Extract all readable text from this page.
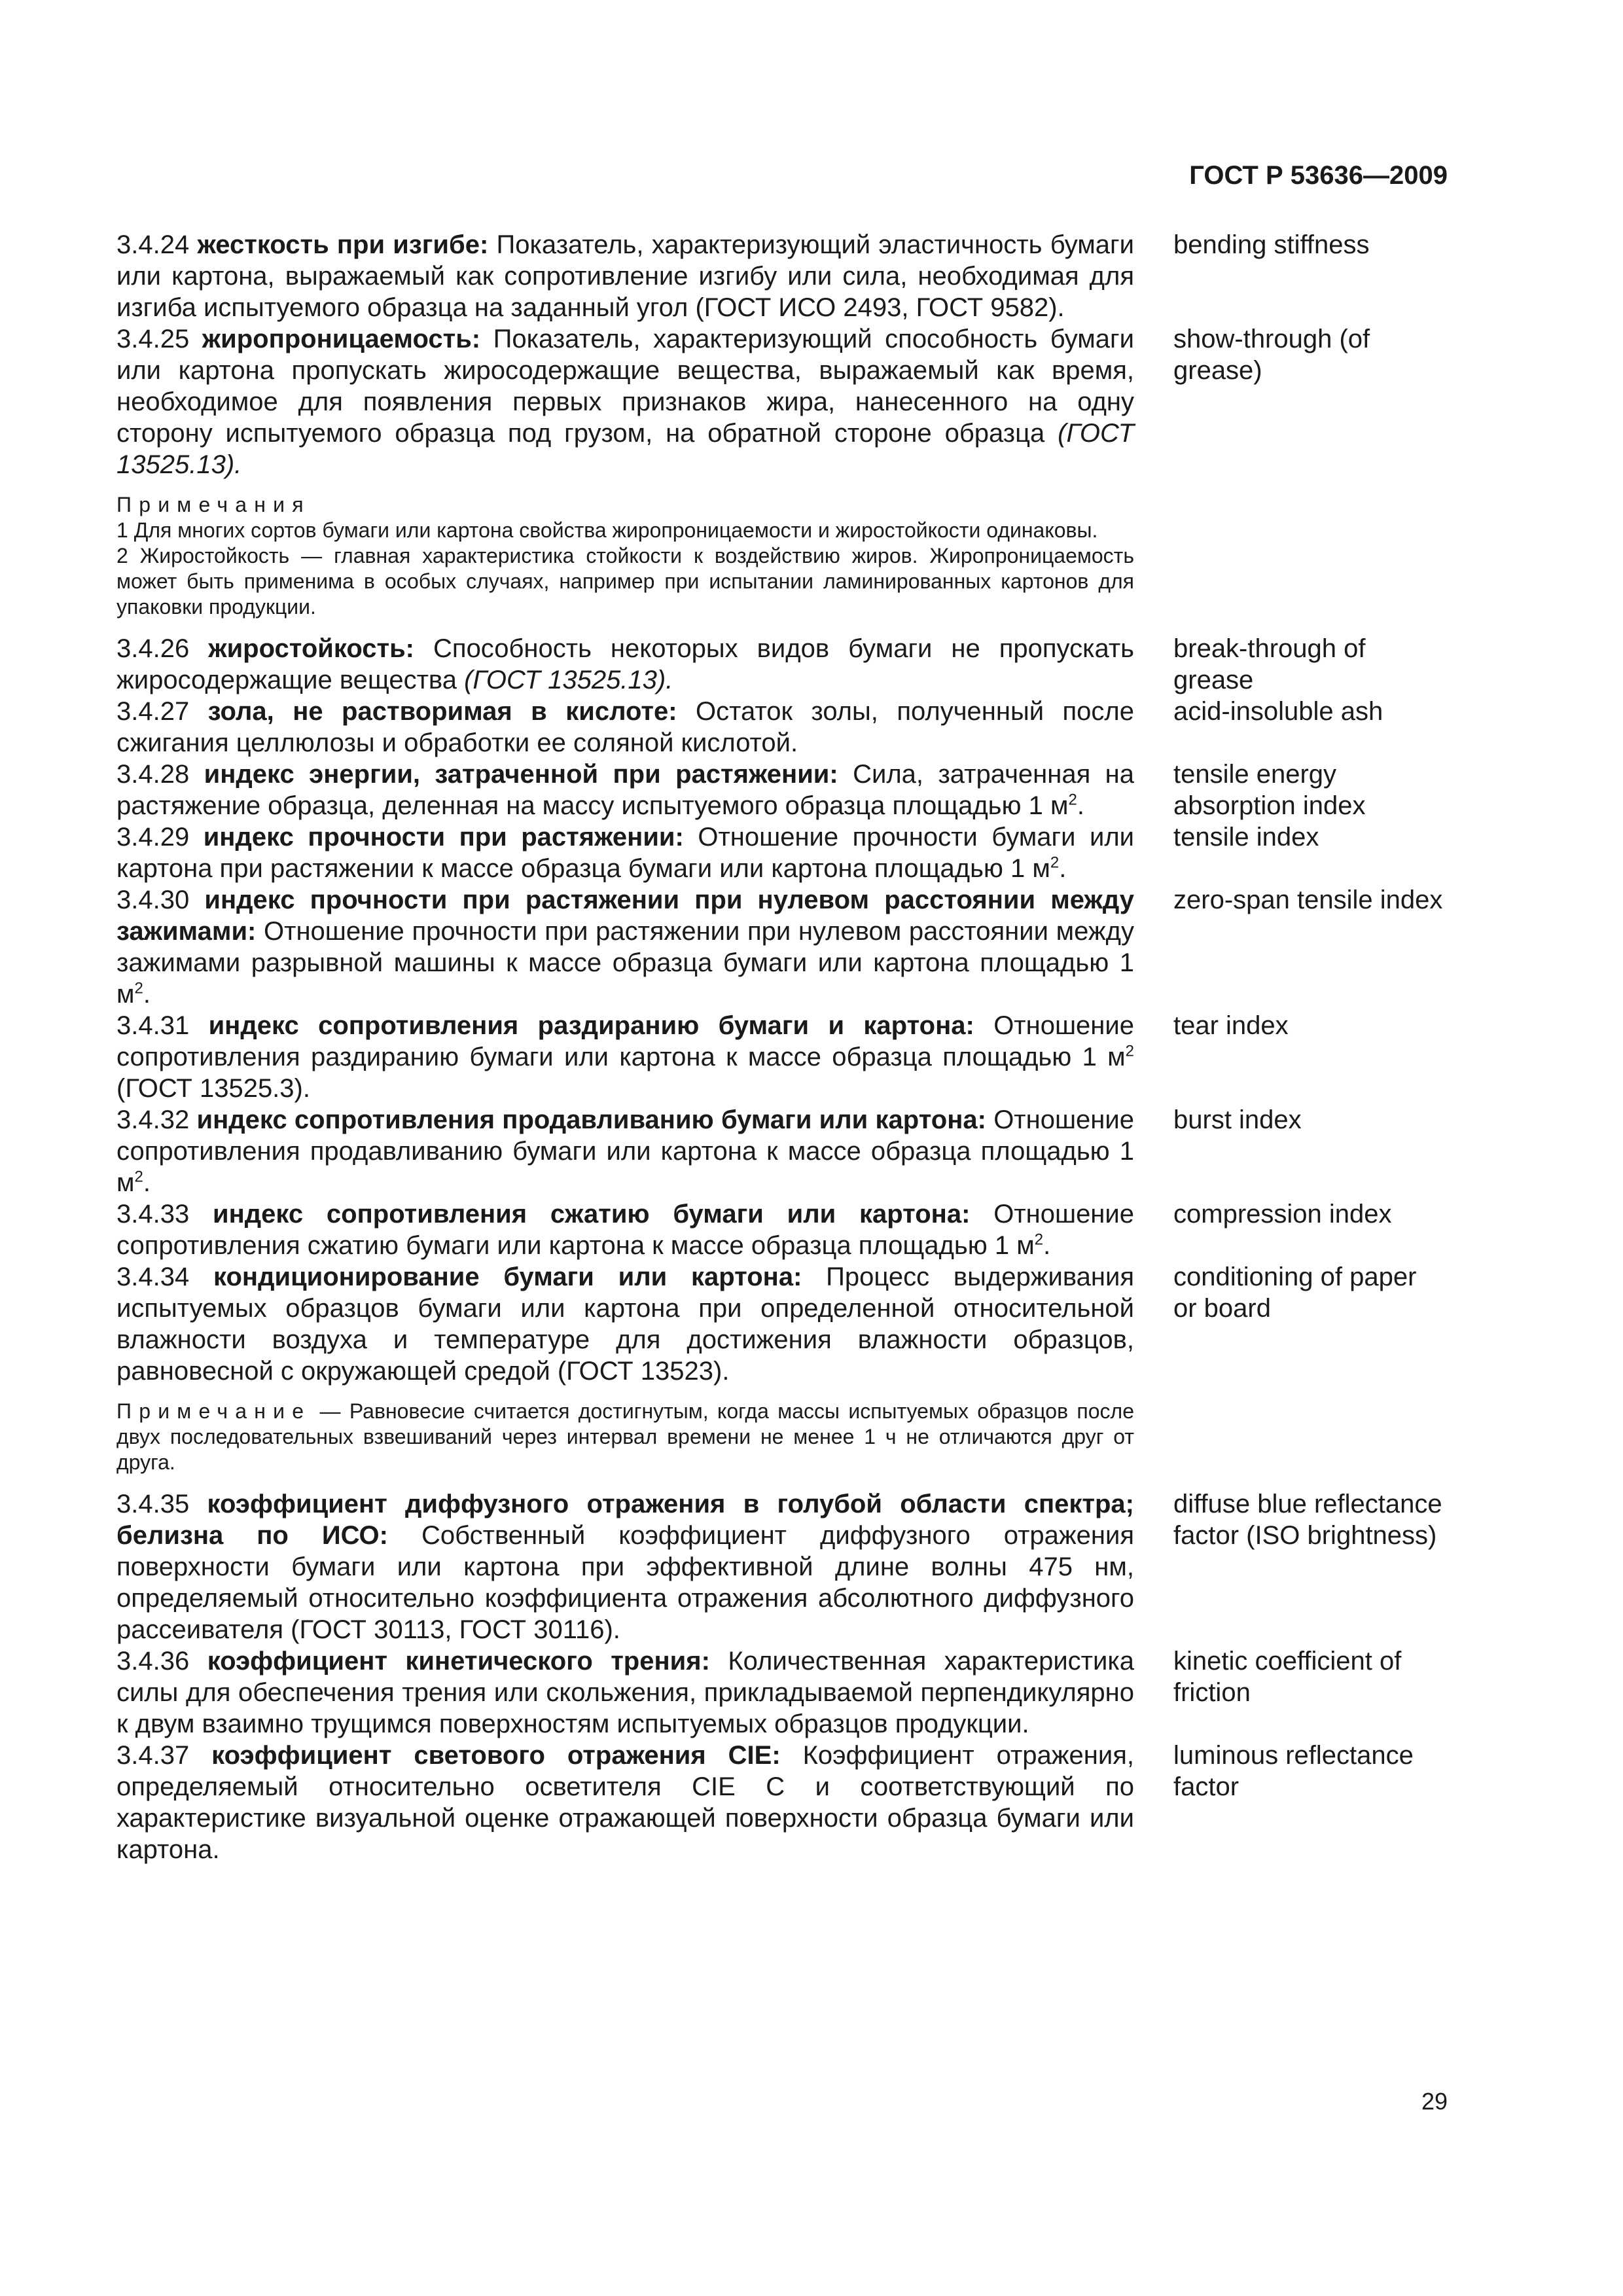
ГОСТ Р 53636—2009
3.4.24 жесткость при изгибе: Показатель, характеризующий эластичность бумаги или картона, выражаемый как сопротивление изгибу или сила, необходимая для изгиба испытуемого образца на заданный угол (ГОСТ ИСО 2493, ГОСТ 9582).
bending stiffness
3.4.25 жиропроницаемость: Показатель, характеризующий способность бумаги или картона пропускать жиросодержащие вещества, выражаемый как время, необходимое для появления первых признаков жира, нанесенного на одну сторону испытуемого образца под грузом, на обратной стороне образца (ГОСТ 13525.13).
show-through (of grease)
Примечания
1 Для многих сортов бумаги или картона свойства жиропроницаемости и жиростойкости одинаковы.
2 Жиростойкость — главная характеристика стойкости к воздействию жиров. Жиропроницаемость может быть применима в особых случаях, например при испытании ламинированных картонов для упаковки продукции.
3.4.26 жиростойкость: Способность некоторых видов бумаги не пропускать жиросодержащие вещества (ГОСТ 13525.13).
break-through of grease
3.4.27 зола, не растворимая в кислоте: Остаток золы, полученный после сжигания целлюлозы и обработки ее соляной кислотой.
acid-insoluble ash
3.4.28 индекс энергии, затраченной при растяжении: Сила, затраченная на растяжение образца, деленная на массу испытуемого образца площадью 1 $м^2$.
tensile energy absorption index
3.4.29 индекс прочности при растяжении: Отношение прочности бумаги или картона при растяжении к массе образца бумаги или картона площадью 1 $м^2$.
tensile index
3.4.30 индекс прочности при растяжении при нулевом расстоянии между зажимами: Отношение прочности при растяжении при нулевом расстоянии между зажимами разрывной машины к массе образца бумаги или картона площадью 1 $м^2$.
zero-span tensile index
3.4.31 индекс сопротивления раздиранию бумаги и картона: Отношение сопротивления раздиранию бумаги или картона к массе образца площадью 1 $м^2$ (ГОСТ 13525.3).
tear index
3.4.32 индекс сопротивления продавливанию бумаги или картона: Отношение сопротивления продавливанию бумаги или картона к массе образца площадью 1 $м^2$.
burst index
3.4.33 индекс сопротивления сжатию бумаги или картона: Отношение сопротивления сжатию бумаги или картона к массе образца площадью 1 $м^2$.
compression index
3.4.34 кондиционирование бумаги или картона: Процесс выдерживания испытуемых образцов бумаги или картона при определенной относительной влажности воздуха и температуре для достижения влажности образцов, равновесной с окружающей средой (ГОСТ 13523).
conditioning of paper or board
Примечание — Равновесие считается достигнутым, когда массы испытуемых образцов после двух последовательных взвешиваний через интервал времени не менее 1 ч не отличаются друг от друга.
3.4.35 коэффициент диффузного отражения в голубой области спектра; белизна по ИСО: Собственный коэффициент диффузного отражения поверхности бумаги или картона при эффективной длине волны 475 нм, определяемый относительно коэффициента отражения абсолютного диффузного рассеивателя (ГОСТ 30113, ГОСТ 30116).
diffuse blue reflectance factor (ISO brightness)
3.4.36 коэффициент кинетического трения: Количественная характеристика силы для обеспечения трения или скольжения, прикладываемой перпендикулярно к двум взаимно трущимся поверхностям испытуемых образцов продукции.
kinetic coefficient of friction
3.4.37 коэффициент светового отражения CIE: Коэффициент отражения, определяемый относительно осветителя CIE C и соответствующий по характеристике визуальной оценке отражающей поверхности образца бумаги или картона.
luminous reflectance factor
29
